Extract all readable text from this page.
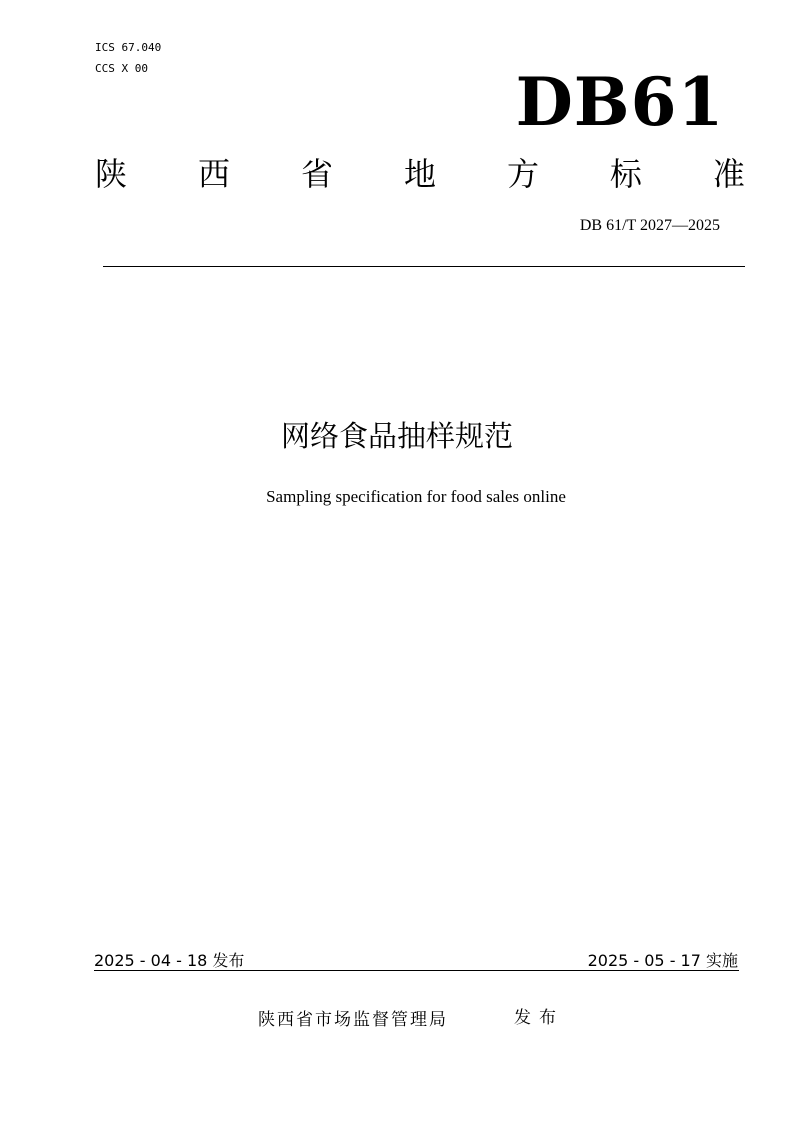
ICS 67.040
CCS X 00	DB61
陕 西 省 地 方 标 准
DB 61/T 2027—2025
网络食品抽样规范
Sampling specification for food sales online
2025 - 04 - 18 发布	2025 - 05 - 17 实施
陕西省市场监督管理局	发布
